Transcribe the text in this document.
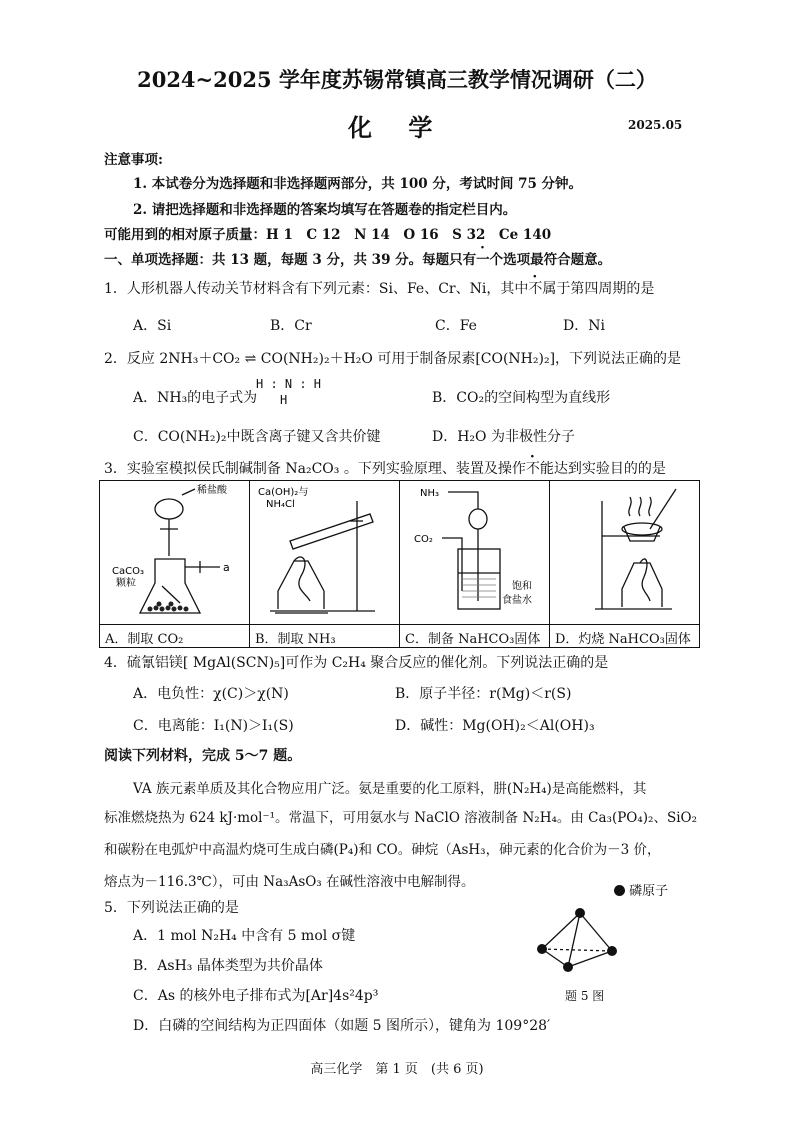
2024~2025 学年度苏锡常镇高三教学情况调研（二）
化 学	2025.05
注意事项:
1. 本试卷分为选择题和非选择题两部分，共 100 分，考试时间 75 分钟。
2. 请把选择题和非选择题的答案均填写在答题卷的指定栏目内。
可能用到的相对原子质量：H 1　C 12　N 14　O 16　S 32　Ce 140
一、单项选择题：共 13 题，每题 3 分，共 39 分。每题只有一个选项最符合题意。
1．人形机器人传动关节材料含有下列元素：Si、Fe、Cr、Ni，其中不属于第四周期的是
A．Si	B．Cr	C．Fe	D．Ni
2．反应 2NH₃＋CO₂ ⇌ CO(NH₂)₂＋H₂O 可用于制备尿素[CO(NH₂)₂]，下列说法正确的是
A．NH₃的电子式为
H : N : H
H	B．CO₂的空间构型为直线形
C．CO(NH₂)₂中既含离子键又含共价键	D．H₂O 为非极性分子
3．实验室模拟侯氏制碱制备 Na₂CO₃ 。下列实验原理、装置及操作不能达到实验目的的是
稀盐酸
a
CaCO₃
颗粒	Ca(OH)₂与
NH₄Cl	NH₃
CO₂
饱和
食盐水

A．制取 CO₂	B．制取 NH₃	C．制备 NaHCO₃固体	D．灼烧 NaHCO₃固体
4．硫氰铝镁[ MgAl(SCN)₅]可作为 C₂H₄ 聚合反应的催化剂。下列说法正确的是
A．电负性：χ(C)＞χ(N)	B．原子半径：r(Mg)＜r(S)
C．电离能：I₁(N)＞I₁(S)	D．碱性：Mg(OH)₂＜Al(OH)₃
阅读下列材料，完成 5～7 题。
VA 族元素单质及其化合物应用广泛。氨是重要的化工原料，肼(N₂H₄)是高能燃料，其
标准燃烧热为 624 kJ·mol⁻¹。常温下，可用氨水与 NaClO 溶液制备 N₂H₄。由 Ca₃(PO₄)₂、SiO₂
和碳粉在电弧炉中高温灼烧可生成白磷(P₄)和 CO。砷烷（AsH₃，砷元素的化合价为－3 价，
熔点为－116.3℃），可由 Na₃AsO₃ 在碱性溶液中电解制得。
5．下列说法正确的是
A．1 mol N₂H₄ 中含有 5 mol σ键
B．AsH₃ 晶体类型为共价晶体
C．As 的核外电子排布式为[Ar]4s²4p³
D．白磷的空间结构为正四面体（如题 5 图所示），键角为 109°28′
磷原子
题 5 图
高三化学　第 1 页　(共 6 页)
